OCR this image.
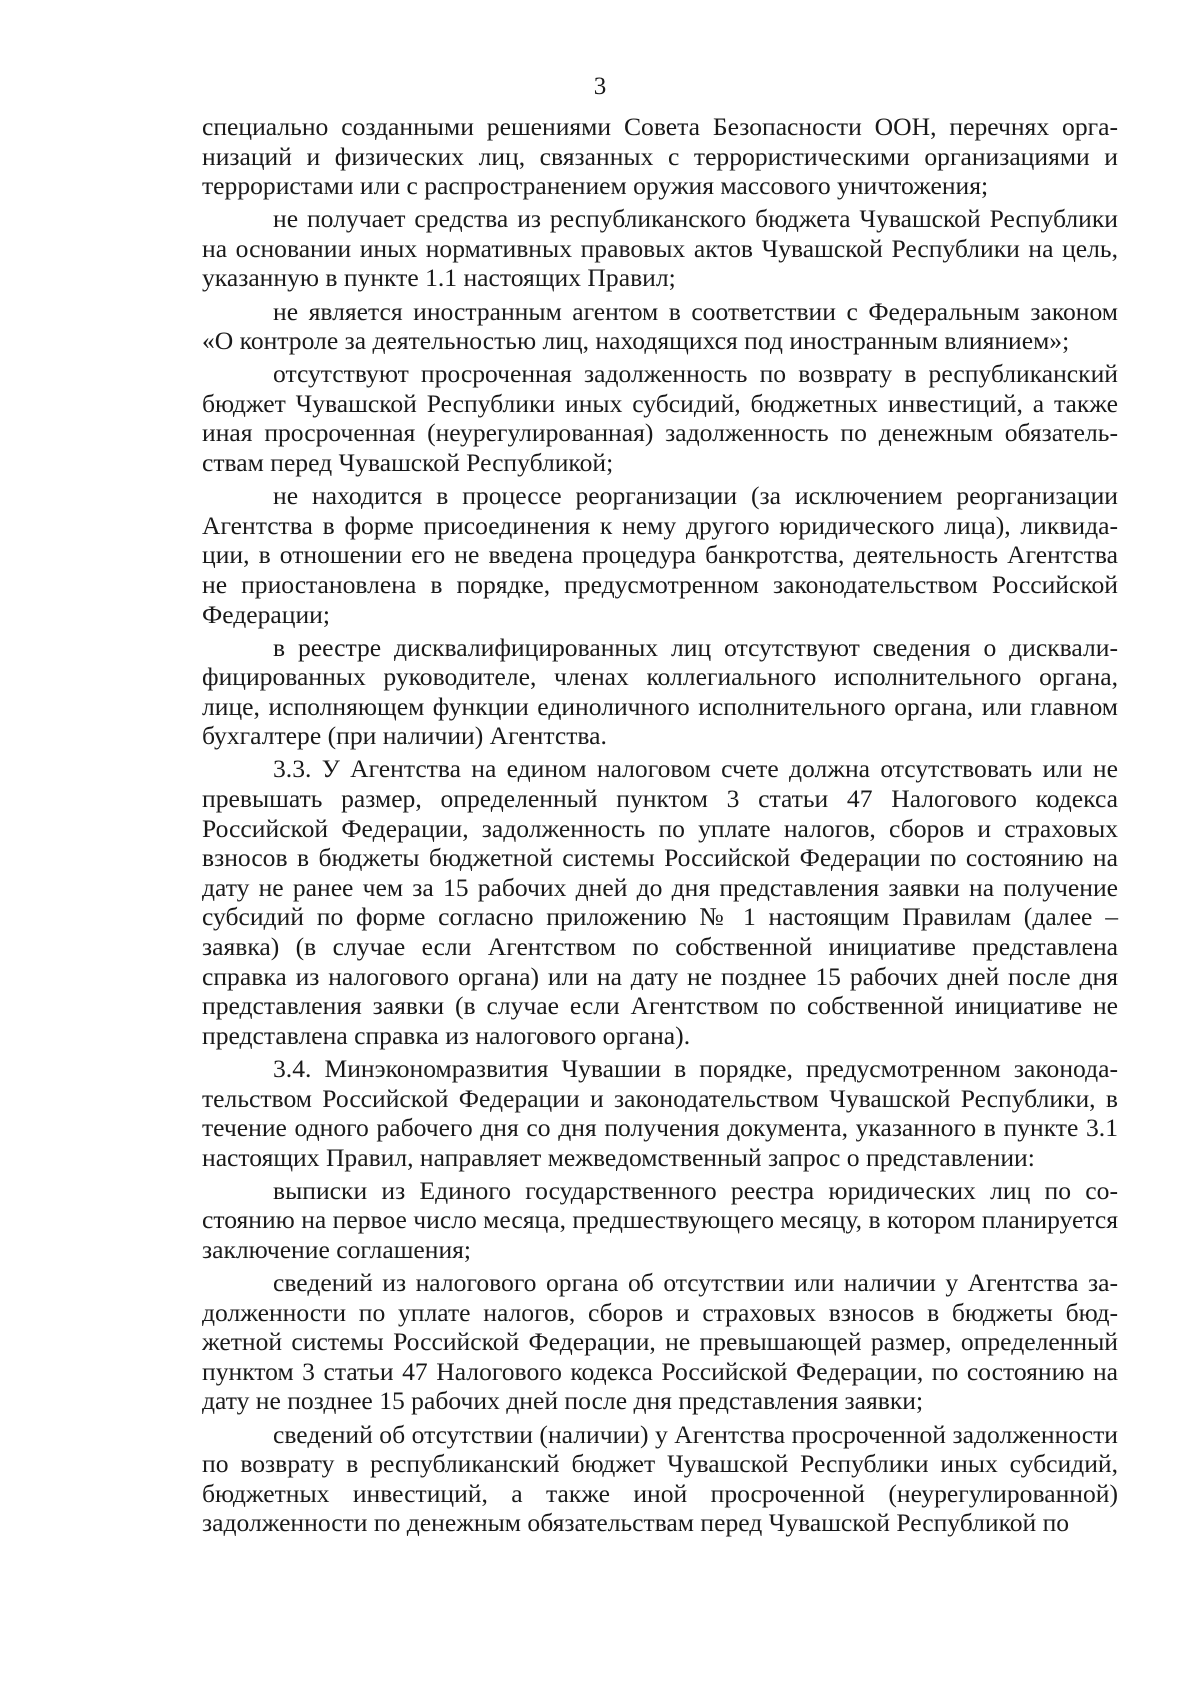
3

специально созданными решениями Совета Безопасности ООН, перечнях организаций и физических лиц, связанных с террористическими организациями и террористами или с распространением оружия массового уничтожения;

не получает средства из республиканского бюджета Чувашской Республики на основании иных нормативных правовых актов Чувашской Республики на цель, указанную в пункте 1.1 настоящих Правил;

не является иностранным агентом в соответствии с Федеральным законом «О контроле за деятельностью лиц, находящихся под иностранным влиянием»;

отсутствуют просроченная задолженность по возврату в республиканский бюджет Чувашской Республики иных субсидий, бюджетных инвестиций, а также иная просроченная (неурегулированная) задолженность по денежным обязательствам перед Чувашской Республикой;

не находится в процессе реорганизации (за исключением реорганизации Агентства в форме присоединения к нему другого юридического лица), ликвидации, в отношении его не введена процедура банкротства, деятельность Агентства не приостановлена в порядке, предусмотренном законодательством Российской Федерации;

в реестре дисквалифицированных лиц отсутствуют сведения о дисквалифицированных руководителе, членах коллегиального исполнительного органа, лице, исполняющем функции единоличного исполнительного органа, или главном бухгалтере (при наличии) Агентства.

3.3. У Агентства на едином налоговом счете должна отсутствовать или не превышать размер, определенный пунктом 3 статьи 47 Налогового кодекса Российской Федерации, задолженность по уплате налогов, сборов и страховых взносов в бюджеты бюджетной системы Российской Федерации по состоянию на дату не ранее чем за 15 рабочих дней до дня представления заявки на получение субсидий по форме согласно приложению № 1 настоящим Правилам (далее – заявка) (в случае если Агентством по собственной инициативе представлена справка из налогового органа) или на дату не позднее 15 рабочих дней после дня представления заявки (в случае если Агентством по собственной инициативе не представлена справка из налогового органа).

3.4. Минэкономразвития Чувашии в порядке, предусмотренном законодательством Российской Федерации и законодательством Чувашской Республики, в течение одного рабочего дня со дня получения документа, указанного в пункте 3.1 настоящих Правил, направляет межведомственный запрос о представлении:

выписки из Единого государственного реестра юридических лиц по состоянию на первое число месяца, предшествующего месяцу, в котором планируется заключение соглашения;

сведений из налогового органа об отсутствии или наличии у Агентства задолженности по уплате налогов, сборов и страховых взносов в бюджеты бюджетной системы Российской Федерации, не превышающей размер, определенный пунктом 3 статьи 47 Налогового кодекса Российской Федерации, по состоянию на дату не позднее 15 рабочих дней после дня представления заявки;

сведений об отсутствии (наличии) у Агентства просроченной задолженности по возврату в республиканский бюджет Чувашской Республики иных субсидий, бюджетных инвестиций, а также иной просроченной (неурегулированной) задолженности по денежным обязательствам перед Чувашской Республикой по
